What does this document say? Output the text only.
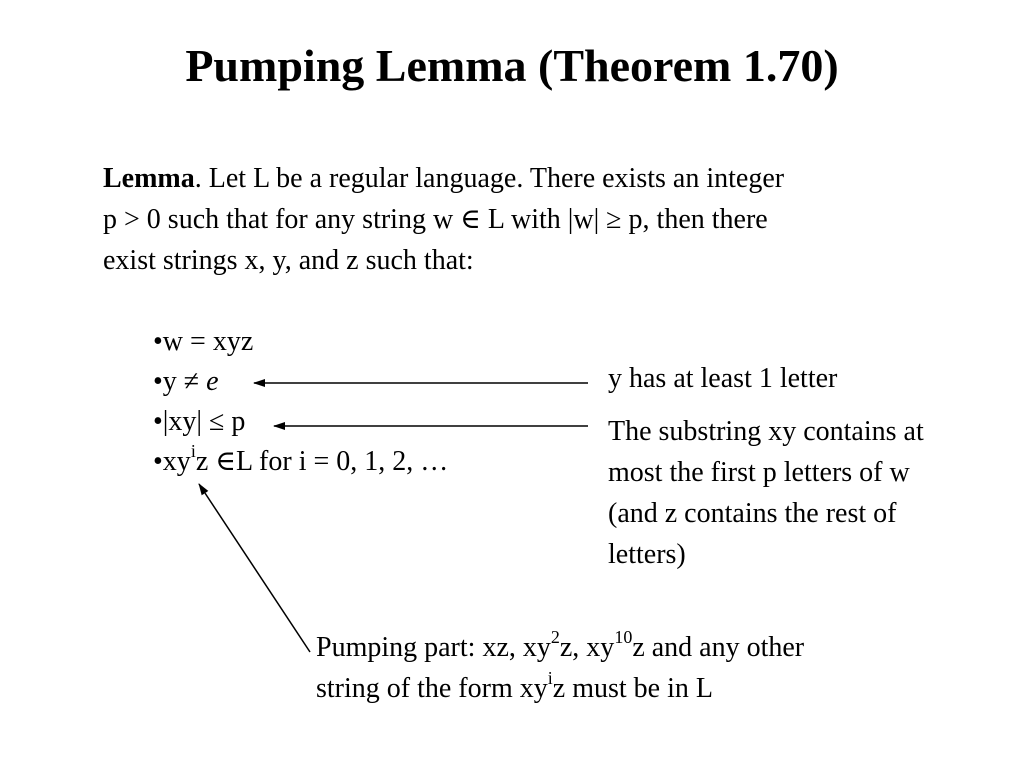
Pumping Lemma (Theorem 1.70)
Lemma. Let L be a regular language. There exists an integer
p > 0 such that for any string w ∈ L with |w| ≥ p, then there
exist strings x, y, and z such that:
•w = xyz
•y ≠ e
•|xy| ≤ p
$•xy^iz$ ∈L for i = 0, 1, 2, …
y has at least 1 letter
The substring xy contains at
most the first p letters of w
(and z contains the rest of
letters)
Pumping part: xz, $xy^2z$, $xy^{10}z$ and any other
string of the form $xy^iz$ must be in L
